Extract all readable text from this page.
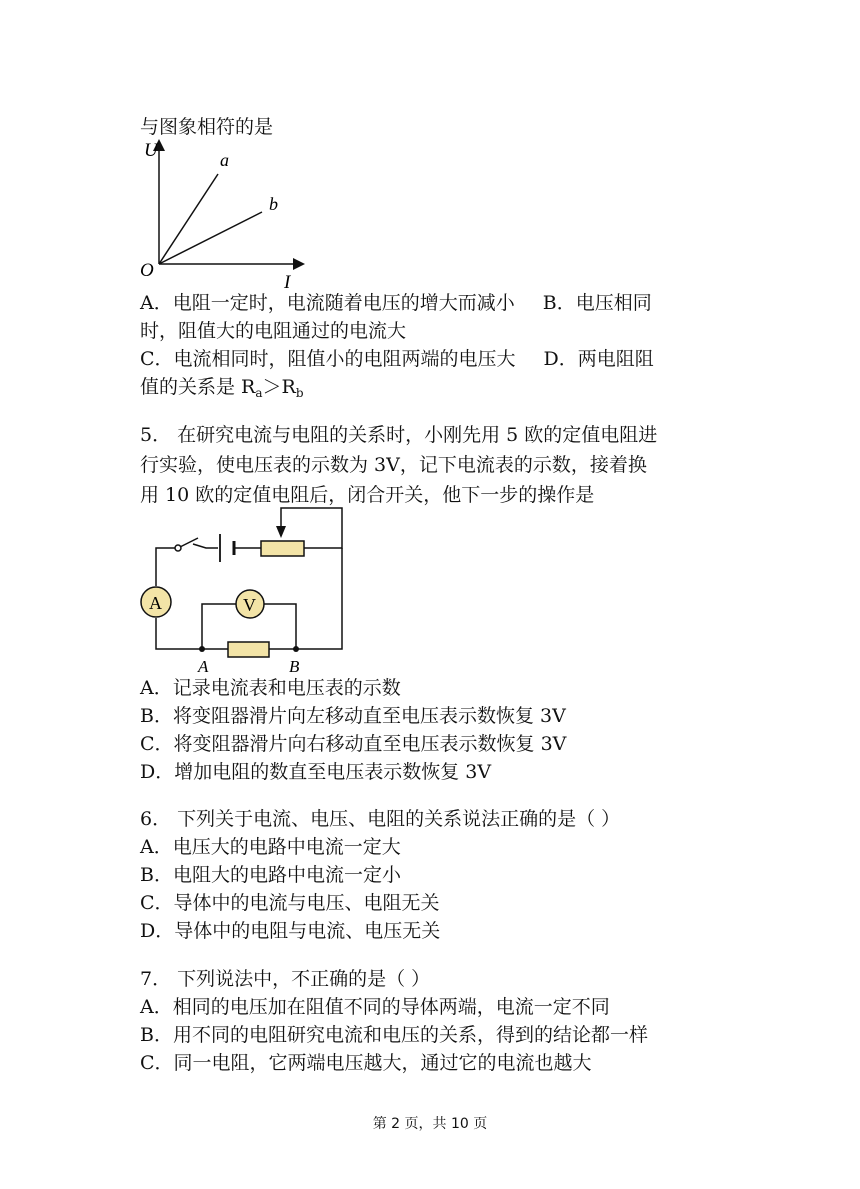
与图象相符的是
U
I
O
a
b
A．电阻一定时，电流随着电压的增大而减小 B．电压相同
时，阻值大的电阻通过的电流大
C．电流相同时，阻值小的电阻两端的电压大 D．两电阻阻
值的关系是 $R_a>R_b$
5． 在研究电流与电阻的关系时，小刚先用 5 欧的定值电阻进
行实验，使电压表的示数为 3V，记下电流表的示数，接着换
用 10 欧的定值电阻后，闭合开关，他下一步的操作是
A	V
A	B
A．记录电流表和电压表的示数
B．将变阻器滑片向左移动直至电压表示数恢复 3V
C．将变阻器滑片向右移动直至电压表示数恢复 3V
D．增加电阻的数直至电压表示数恢复 3V
6． 下列关于电流、电压、电阻的关系说法正确的是（ ）
A．电压大的电路中电流一定大
B．电阻大的电路中电流一定小
C．导体中的电流与电压、电阻无关
D．导体中的电阻与电流、电压无关
7． 下列说法中，不正确的是（ ）
A．相同的电压加在阻值不同的导体两端，电流一定不同
B．用不同的电阻研究电流和电压的关系，得到的结论都一样
C．同一电阻，它两端电压越大，通过它的电流也越大
第 2 页，共 10 页
